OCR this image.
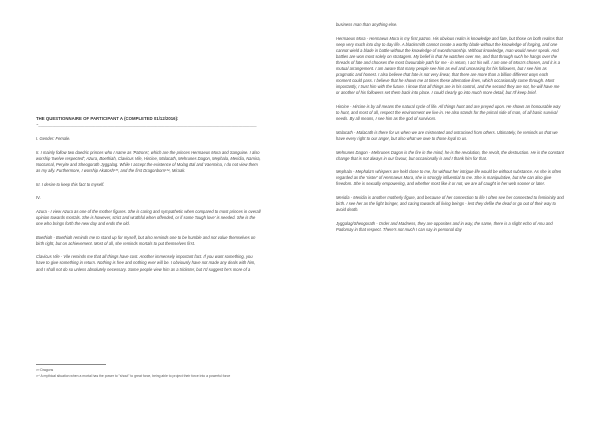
THE QUESTIONNAIRE OF PARTICIPANT A (COMPLETED 01/12/2016):
~_______________________________________________________________________________________________

I. Gender: Female.

II. I mainly follow two daedric princes who I name as 'Patrons', which are the princes Hermaeus Mora and Sanguine. I also worship 'twelve respected'; Azura, Boethiah, Clavicus Vile, Hircine, Malacath, Mehrunes Dagon, Mephala, Meridia, Namira, Nocturnal, Peryite and Sheogorath Jyggalag. While I accept the existence of Molag Bal and Vaermina, I do not view them as my ally. Furthermore, I worship Akatosh¹³³, and the first Dragonborn¹³⁴, Miraak.

III. I desire to keep this fact to myself.

IV.

Azura - I view Azura as one of the mother figures. She is caring and sympathetic when compared to most princes in overall opinion towards mortals. She is however, strict and wrathful when offended, or if some 'tough love' is needed. She is the one who brings forth the new day and ends the old.

Boethiah - Boethiah reminds me to stand up for myself, but also reminds one to be humble and not value themselves on birth right, but on achievement. Most of all, she reminds mortals to put themselves first.

Clavicus Vile - Vile reminds me that all things have cost. Another immensely important fact. If you want something, you have to give something in return. Nothing is free and nothing ever will be. I obviously have not made any deals with him, and I shall not do so unless absolutely necessary. Some people view him as a trickster, but I'd suggest he's more of a

¹³³ Dragons
¹³⁴ A mythical situation when a mortal has the power to "shout" to great force, being able to project their force into a powerful force

business man than anything else.

Hermaeus Mora - Hermaeus Mora is my first patron. His obvious realm is knowledge and fate, but those on both realms that seep very much into day to day life. A blacksmith cannot create a worthy blade without the knowledge of forging, and one cannot wield a blade in battle without the knowledge of swordsmanship. Without knowledge, man would never speak. And battles are won most solely on stratagem. My belief is that he watches over me, and that through such he hangs over the threads of fate and chooses the most favourable path for me - in return, I act his will. I am one of Mora's chosen, and it is a mutual arrangement. I am aware that many people see him as evil and unceasing for his followers, but I see him as pragmatic and honest. I also believe that fate is not very linear, that there are more than a billion different ways each moment could pass. I believe that he shows me at times these alternative lines, which occasionally come through. Most importantly, I trust him with the future. I know that all things are in his control, and the second they are not, he will have me or another of his followers set them back into place. I could clearly go into much more detail, but I'll keep brief.

Hircine - Hircine is by all means the natural cycle of life. All things hunt and are preyed upon. He shows an honourable way to hunt, and most of all, respect the environment we live in. He also stands for the primal side of man, of all basic survival needs. By all means, I see him as the god of survivors.

Malacath - Malacath is there for us when we are mistreated and ostracised from others. Ultimately, he reminds us that we have every right to our anger, but also what we owe to those loyal to us.

Mehrunes Dagon - Mehrunes Dagon is the fire in the mind, he is the revolution, the revolt, the destruction. He is the constant change that is not always in our favour, but occasionally is and I thank him for that.

Mephala - Mephala's whispers are held close to me, for without her intrigue life would be without substance. As she is often regarded as the 'sister' of Hermaeus Mora, she is strongly influential to me. She is manipulative, but she can also give freedom. She is sexually empowering, and whether most like it or not, we are all caught in her web sooner or later.

Meridia - Meridia is another motherly figure, and because of her connection to life I often see her connected to femininity and birth. I see her as the light bringer, and caring towards all living beings - lest they defile the dead or go out of their way to avoid death.

Jyggalag/Sheogorath - Order and Madness, they are opposites and in way, the same, there is a slight echo of Anu and Padomay in that respect. There's not much I can say in personal day
